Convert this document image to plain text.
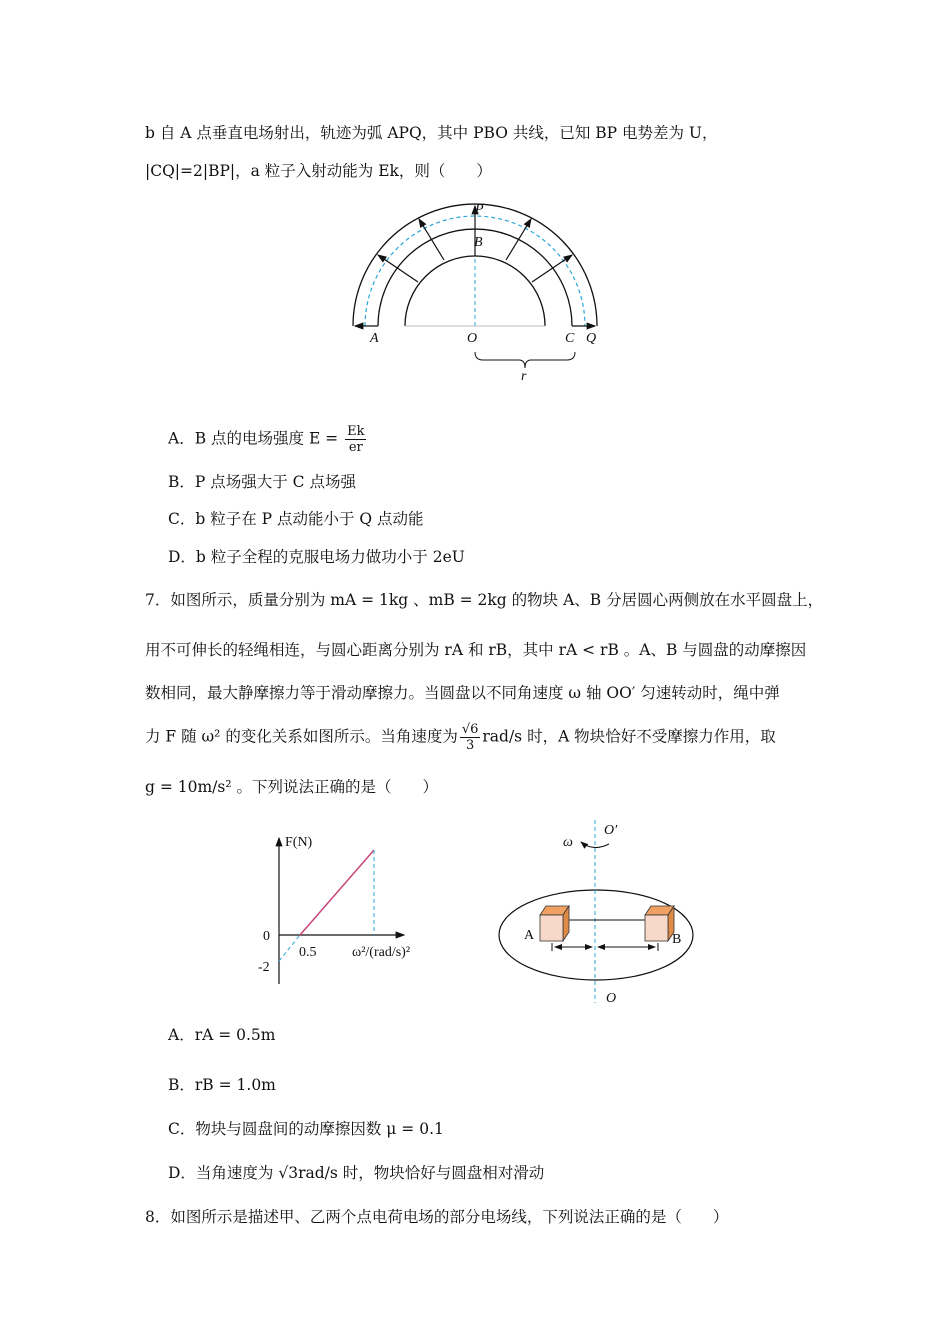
b 自 A 点垂直电场射出，轨迹为弧 APQ，其中 PBO 共线，已知 BP 电势差为 U，
|CQ|=2|BP|，a 粒子入射动能为 Ek，则（　　）
P
B
A	O	C Q
r
F(N)
0
-2
0.5	ω²/(rad/s)²
ω
O′
O
A	B
A．B 点的电场强度 $E = \frac{Ek}{er}$
B．P 点场强大于 C 点场强
C．b 粒子在 P 点动能小于 Q 点动能
D．b 粒子全程的克服电场力做功小于 2eU
7．如图所示，质量分别为 mA = 1kg 、mB = 2kg 的物块 A、B 分居圆心两侧放在水平圆盘上，
用不可伸长的轻绳相连，与圆心距离分别为 rA 和 rB，其中 rA < rB 。A、B 与圆盘的动摩擦因
数相同，最大静摩擦力等于滑动摩擦力。当圆盘以不同角速度 ω 轴 OO′ 匀速转动时，绳中弹
力 F 随 ω² 的变化关系如图所示。当角速度为 $\frac{√6}{3} rad/s$ 时，A 物块恰好不受摩擦力作用，取
g = 10m/s² 。下列说法正确的是（　　）
A．rA = 0.5m
B．rB = 1.0m
C．物块与圆盘间的动摩擦因数 μ = 0.1
D．当角速度为 √3rad/s 时，物块恰好与圆盘相对滑动
8．如图所示是描述甲、乙两个点电荷电场的部分电场线，下列说法正确的是（　　）
